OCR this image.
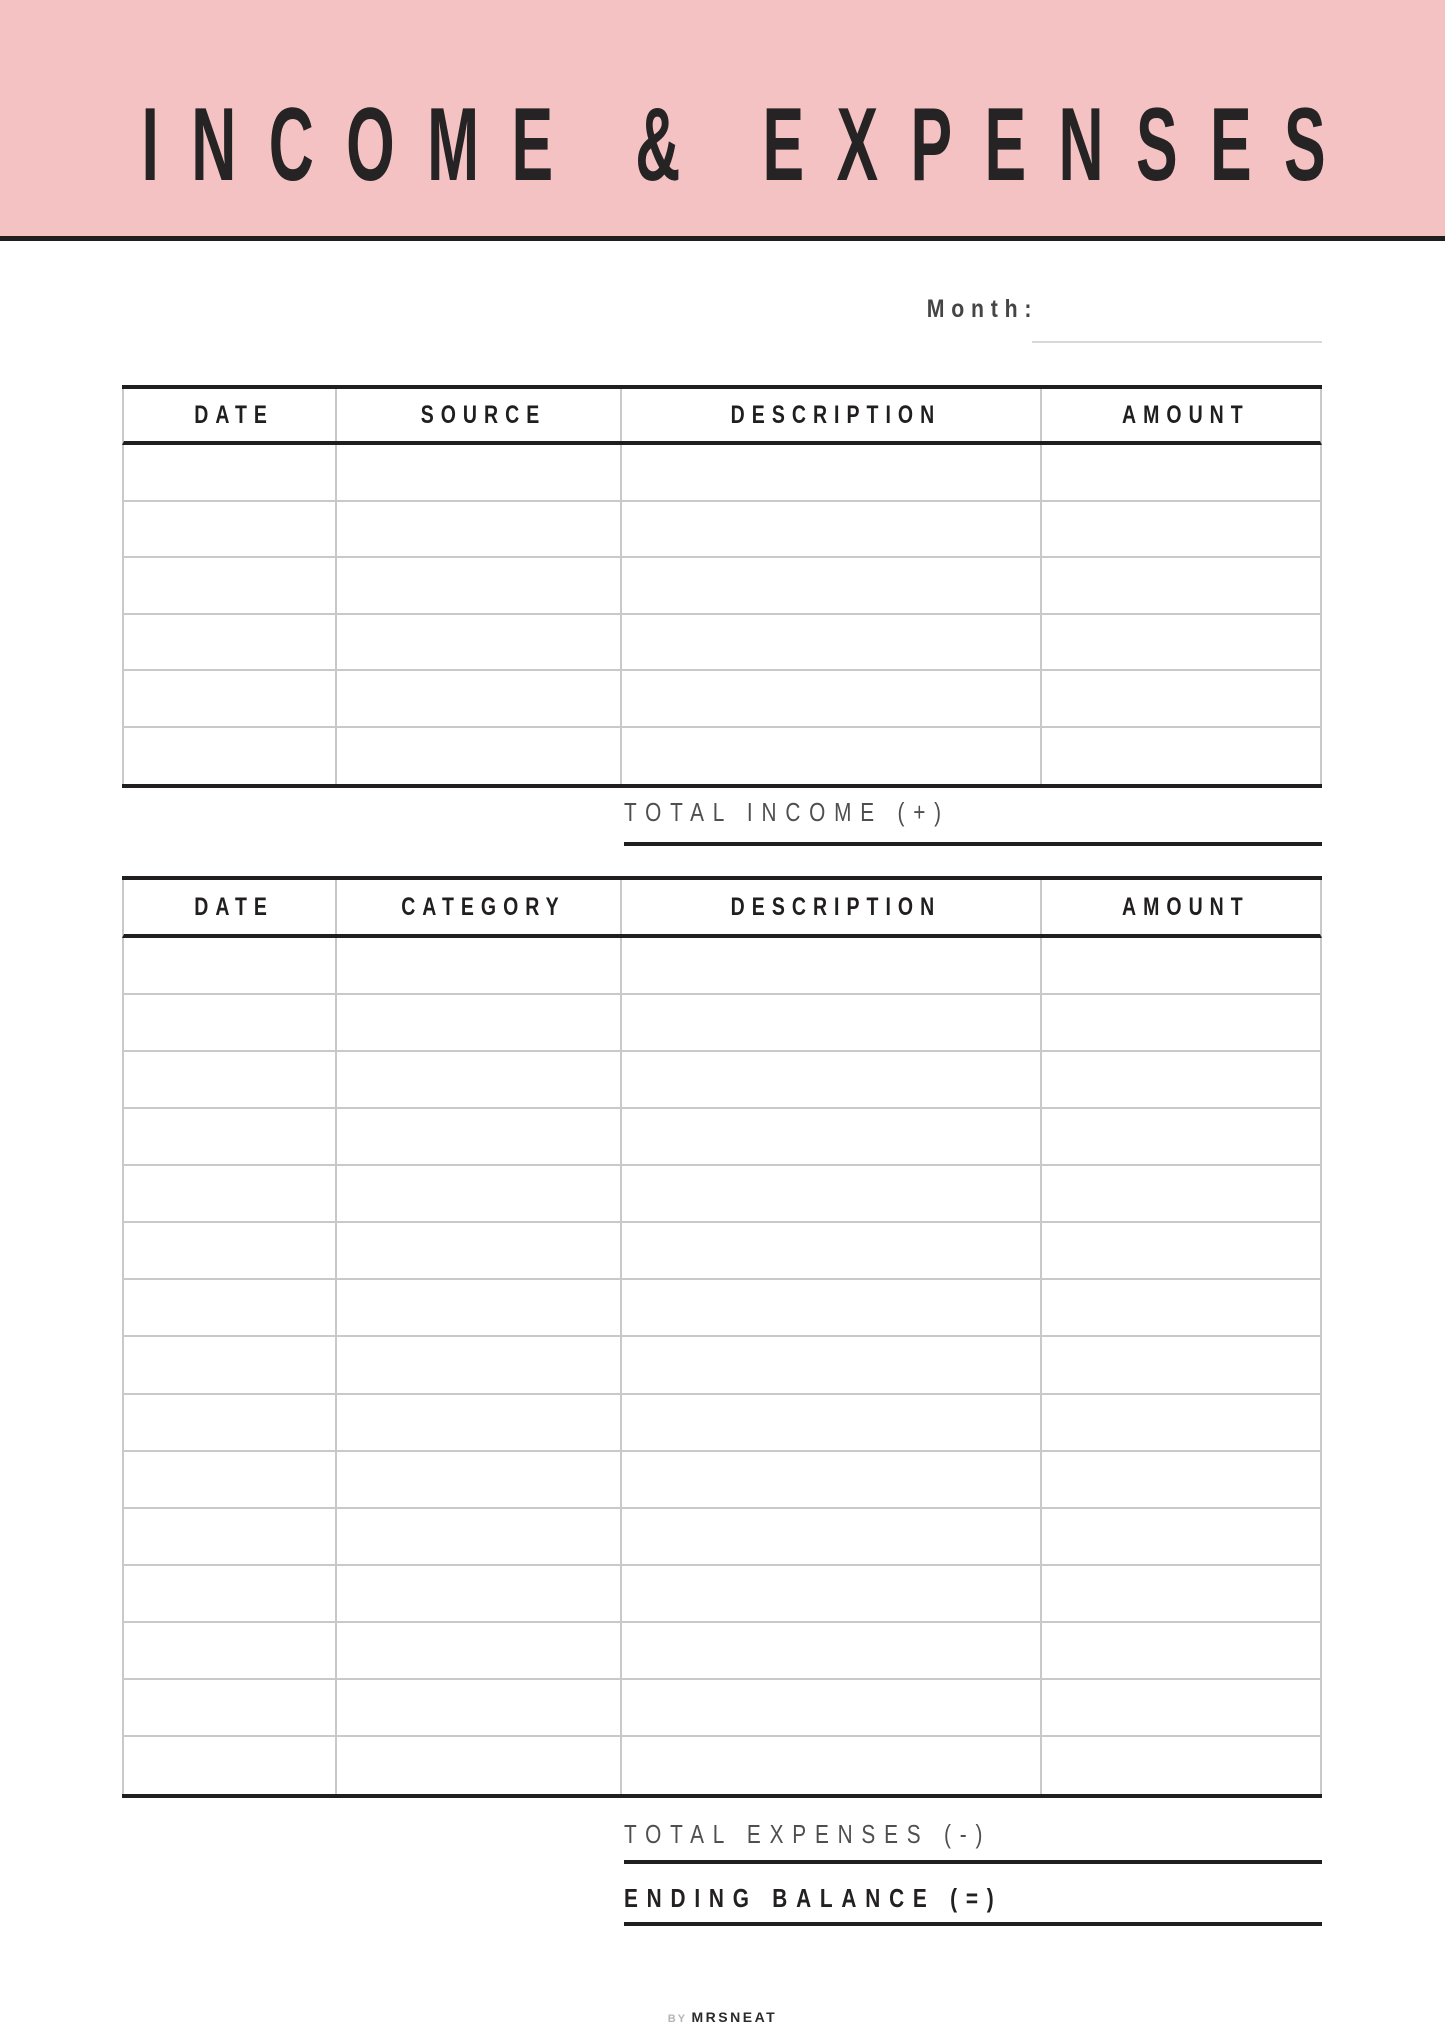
INCOME & EXPENSES
Month:
DATE	SOURCE	DESCRIPTION	AMOUNT
TOTAL INCOME (+)
DATE	CATEGORY	DESCRIPTION	AMOUNT
TOTAL EXPENSES (-)
ENDING BALANCE (=)
BY MRSNEAT
